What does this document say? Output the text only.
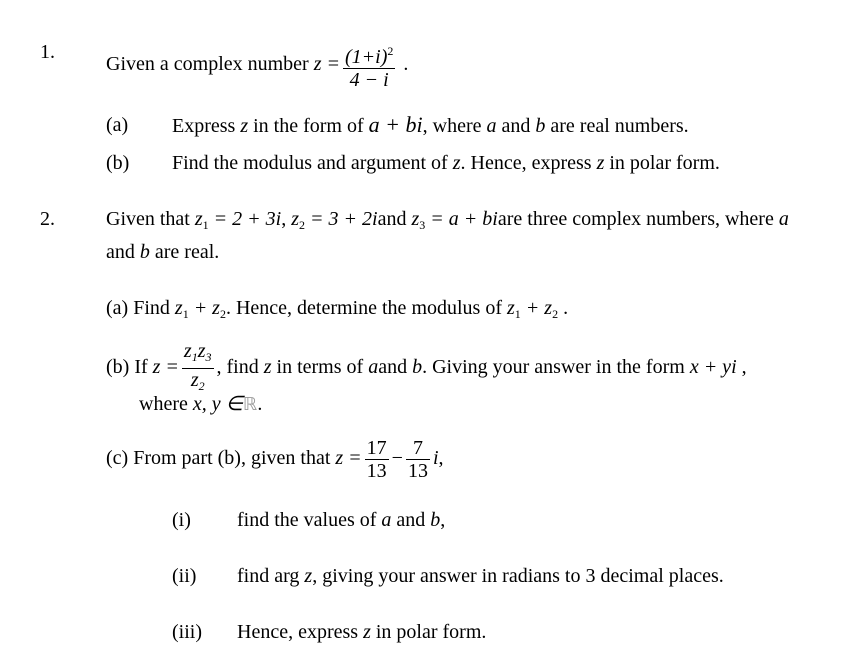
1.
Given a complex number $z = \frac{(1+i)^2}{4 - i}$ .
(a) Express z in the form of a + bi, where a and b are real numbers.
(b) Find the modulus and argument of z. Hence, express z in polar form.
2.	Given that $z_1 = 2 + 3i$, $z_2 = 3$ + 2iand $z_3 = a$ + biare three complex numbers, where a
and b are real.
(a) Find $z_1 + z_2$. Hence, determine the modulus of $z_1 + z_2$ .
(b) If $z = \frac{z_1z_3}{z_2}$ , find z in terms of aand b. Giving your answer in the form x + yi ,
where x, y ∈ℝ.
(c) From part (b), given that $z = \frac{17}{13} - \frac{7}{13} i$,
(i) find the values of a and b,
(ii) find arg z, giving your answer in radians to 3 decimal places.
(iii) Hence, express z in polar form.
